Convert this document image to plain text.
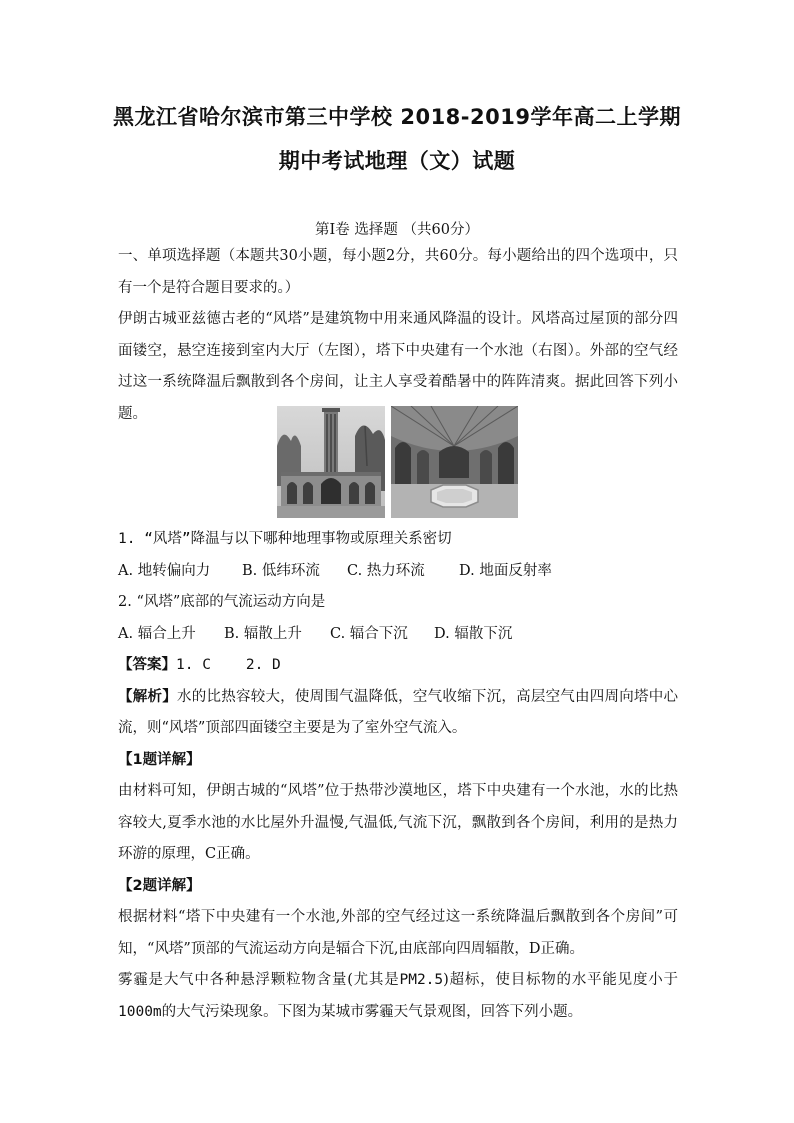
黑龙江省哈尔滨市第三中学校 2018-2019学年高二上学期
期中考试地理（文）试题
第Ⅰ卷 选择题 （共60分）

一、单项选择题（本题共30小题，每小题2分，共60分。每小题给出的四个选项中，只有一个是符合题目要求的。）

伊朗古城亚兹德古老的“风塔”是建筑物中用来通风降温的设计。风塔高过屋顶的部分四面镂空，悬空连接到室内大厅（左图），塔下中央建有一个水池（右图）。外部的空气经过这一系统降温后飘散到各个房间，让主人享受着酷暑中的阵阵清爽。据此回答下列小题。

1. “风塔”降温与以下哪种地理事物或原理关系密切

A. 地转偏向力 B. 低纬环流 C. 热力环流 D. 地面反射率

2. “风塔”底部的气流运动方向是

A. 辐合上升 B. 辐散上升 C. 辐合下沉 D. 辐散下沉

【答案】1. C    2. D

【解析】水的比热容较大，使周围气温降低，空气收缩下沉，高层空气由四周向塔中心流，则“风塔”顶部四面镂空主要是为了室外空气流入。

【1题详解】

由材料可知，伊朗古城的“风塔”位于热带沙漠地区，塔下中央建有一个水池，水的比热容较大,夏季水池的水比屋外升温慢,气温低,气流下沉，飘散到各个房间，利用的是热力环游的原理，C正确。

【2题详解】

根据材料“塔下中央建有一个水池,外部的空气经过这一系统降温后飘散到各个房间”可知，“风塔”顶部的气流运动方向是辐合下沉,由底部向四周辐散，D正确。

雾霾是大气中各种悬浮颗粒物含量(尤其是PM2.5)超标，使目标物的水平能见度小于1000m的大气污染现象。下图为某城市雾霾天气景观图，回答下列小题。
